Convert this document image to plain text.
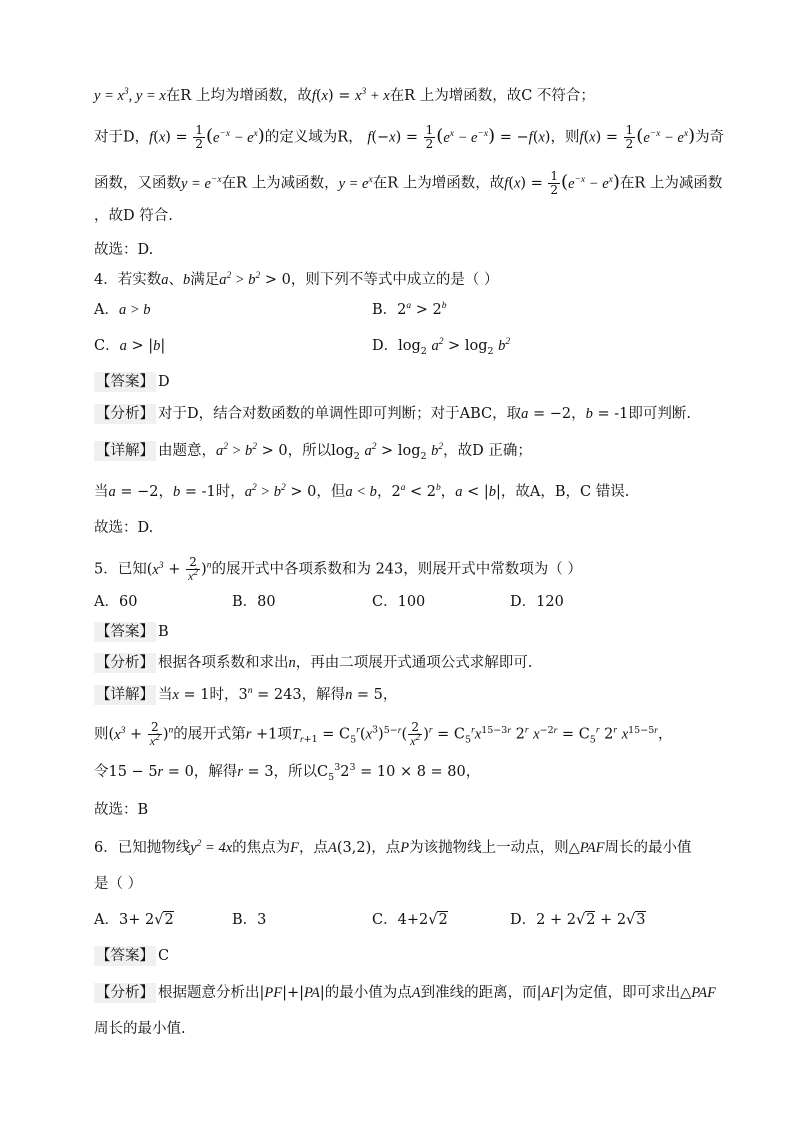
$y = x^3$, y = x在R 上均为增函数，故$f(x) = x^3 + x$在R 上为增函数，故C 不符合；
对于D，$f(x) = \frac{1}{2} (e^{-x} - e^x)$的定义域为R， $f(-x) = \frac{1}{2} (e^x - e^{-x}) = -f(x)$，则$f(x) = \frac{1}{2} (e^{-x} - e^x)$为奇
函数，又函数$y = e^{-x}$在R 上为减函数，$y = e^x$在R 上为增函数，故$f(x) = \frac{1}{2} (e^{-x} - e^x)$在R 上为减函数
，故D 符合.
故选：D.
4．若实数a、b满足$a^2 > b^2 > 0$，则下列不等式中成立的是（ ）
A．a > b	B．$2^a > 2^b$
C．a > |b|	D．$\log_2 a^2 > \log_2 b^2$
【答案】 D
【分析】 对于D，结合对数函数的单调性即可判断；对于ABC，取a = −2，b = -1即可判断.
【详解】 由题意，$a^2 > b^2 > 0$，所以$\log_2 a^2 > \log_2 b^2$，故D 正确；
当a = −2，b = -1时，$a^2 > b^2 > 0$，但a < b，$2^a < 2^b$，a < |b|，故A，B，C 错误.
故选：D.
5．已知$(x^3 + \frac{2}{x^2} )^n$的展开式中各项系数和为 243，则展开式中常数项为（ ）
A．60	B．80	C．100	D．120
【答案】 B
【分析】 根据各项系数和求出n，再由二项展开式通项公式求解即可.
【详解】 当x = 1时，$3^n = 243$，解得n = 5，
则$(x^3 + \frac{2}{x^2} )^n$的展开式第r +1项$T_{r+1} = C_5^r(x^3)^{5-r}( \frac{2}{x^2} )^r = C_5^rx^{15-3r}$ 2$^r$ $x^{-2r} = C_5^r$ 2$^r$ $x^{15-5r}$，
令15 − 5r = 0，解得r = 3，所以$C_5^32^3 = 10 \times 8 = 80$，
故选：B
6．已知抛物线$y^2 = 4x$的焦点为F，点A(3,2)，点P为该抛物线上一动点，则△PAF周长的最小值
是（ ）
A．3+ 2√2	B．3	C．4+2√2	D．2 + 2√2 + 2√3
【答案】 C
【分析】 根据题意分析出|PF|+|PA|的最小值为点A到准线的距离，而|AF|为定值，即可求出△PAF
周长的最小值.
